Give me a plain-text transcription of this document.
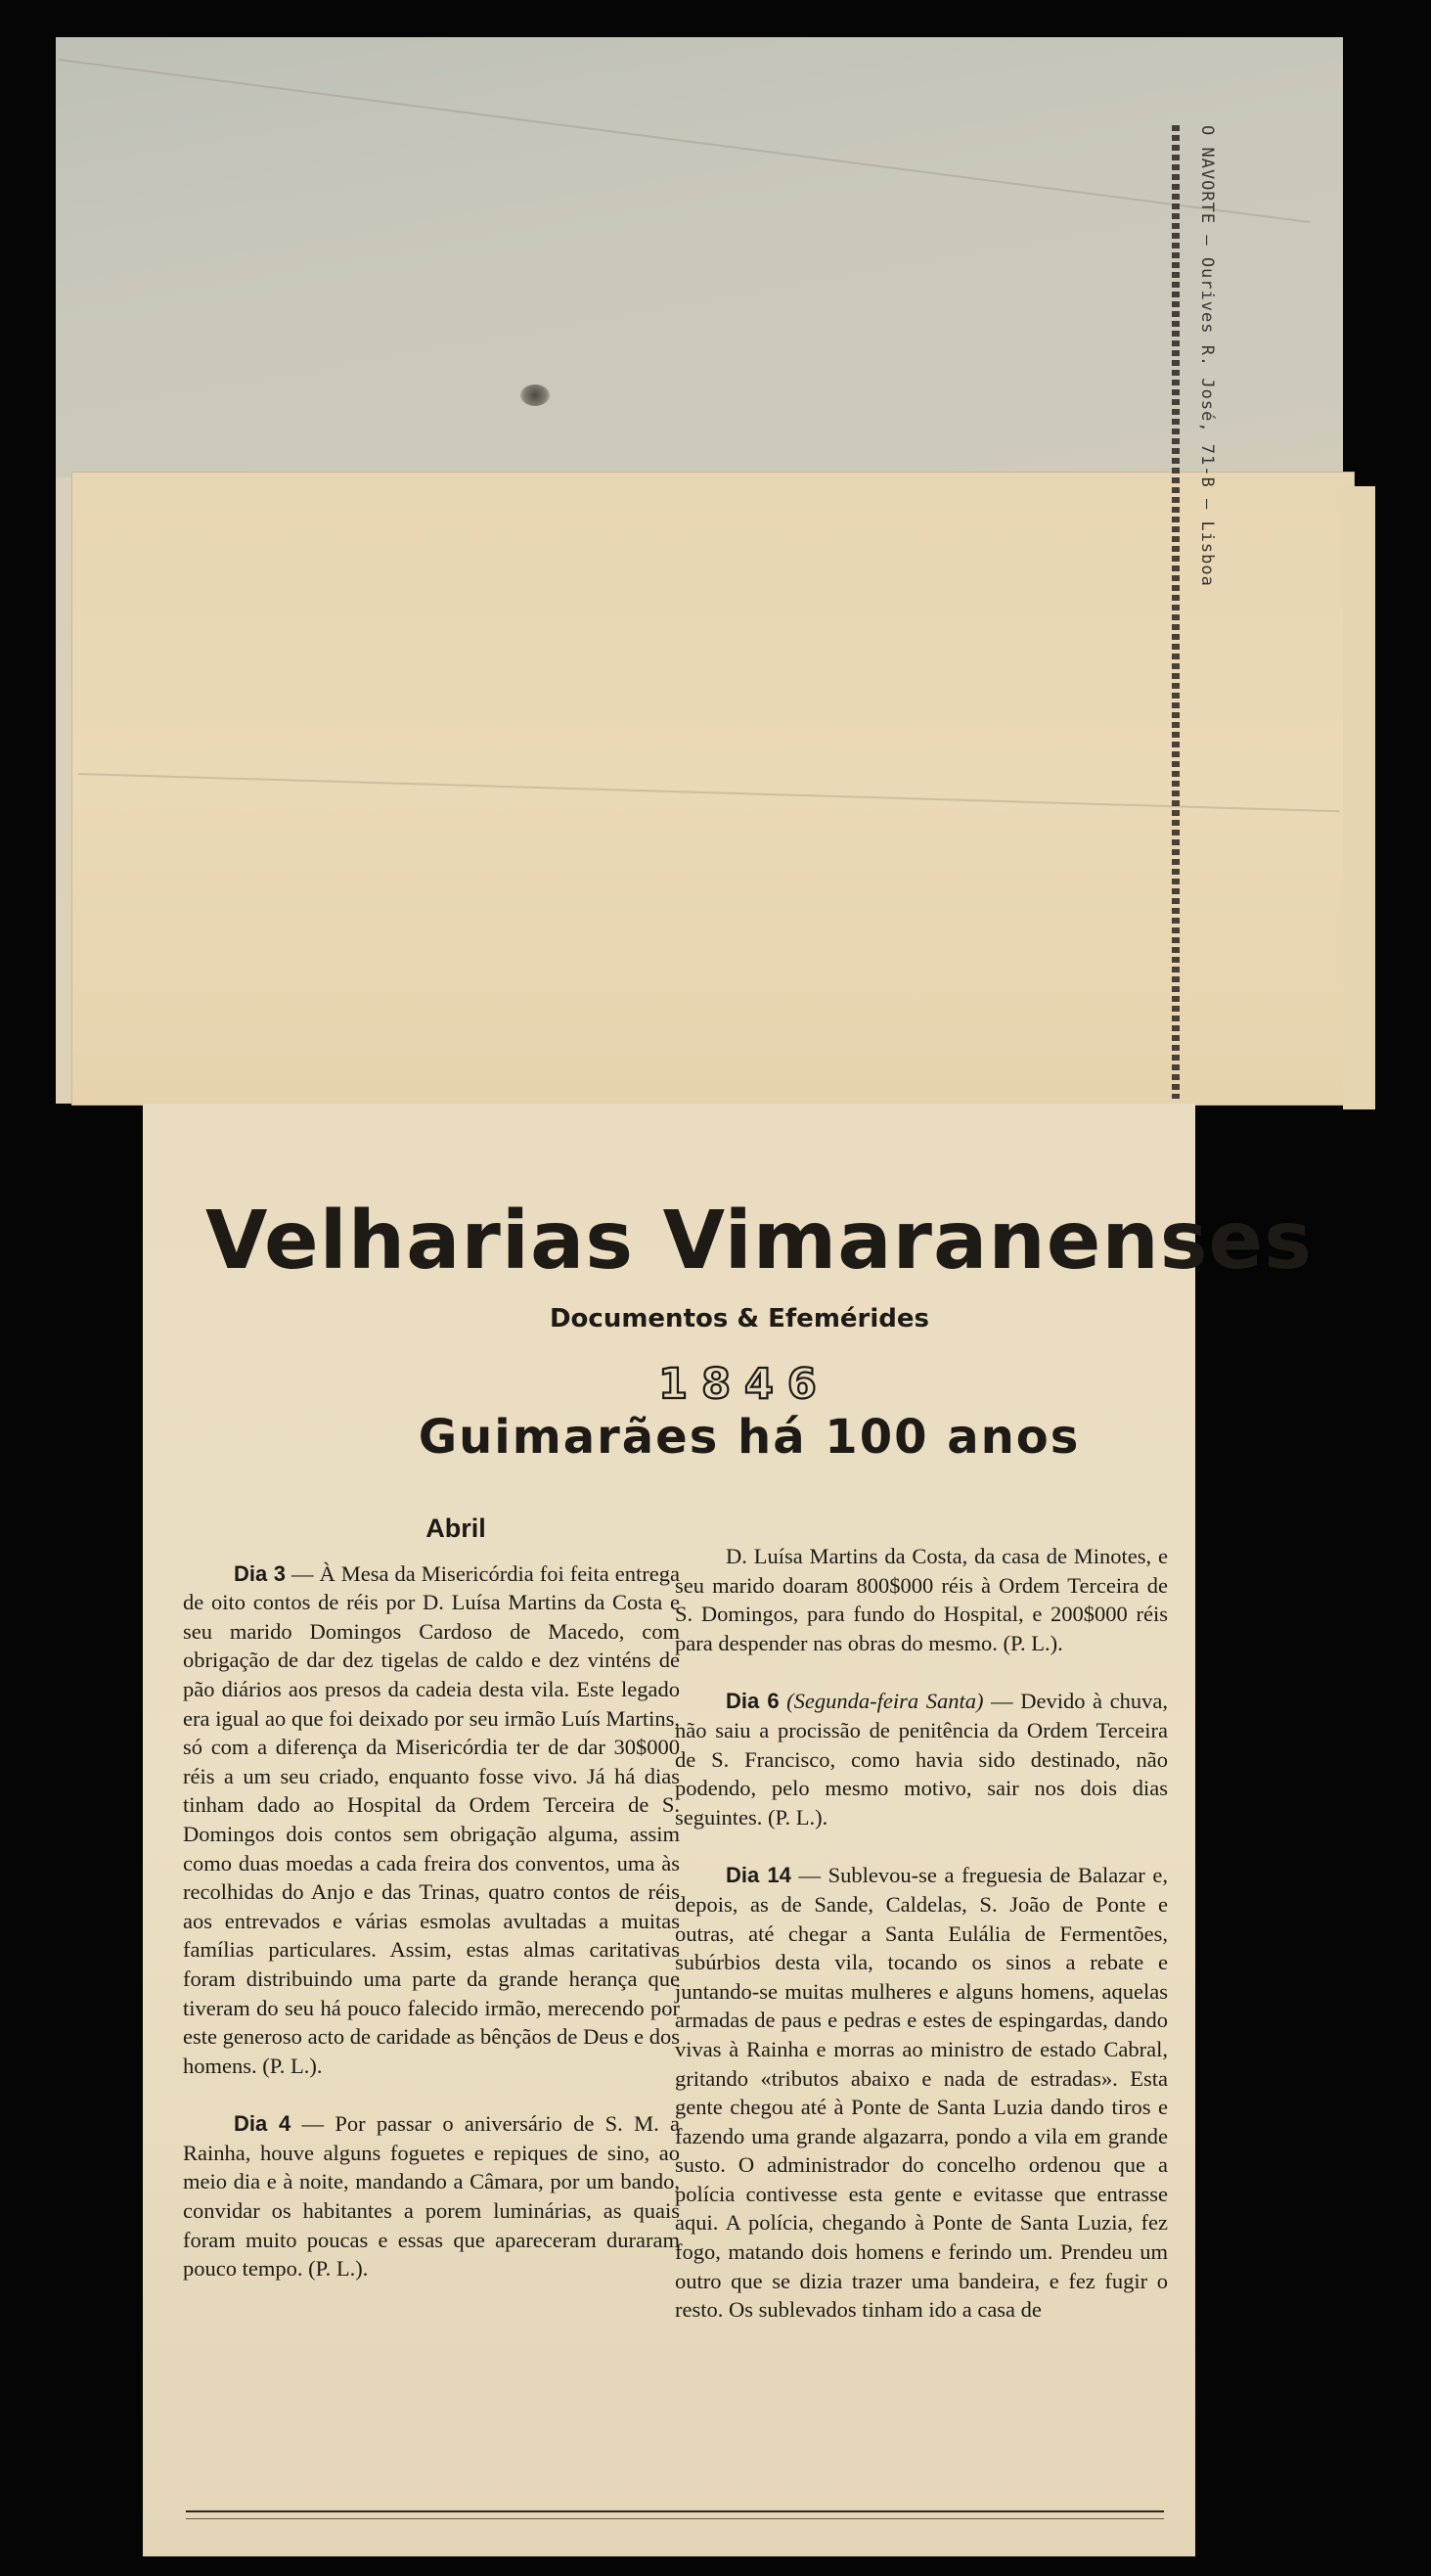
O NAVORTE — Ourives R. José, 71-B — Lisboa
Velharias Vimaranenses
Documentos & Efemérides
1846
Guimarães há 100 anos
Abril

Dia 3 — À Mesa da Misericórdia foi feita entrega de oito contos de réis por D. Luísa Martins da Costa e seu marido Domingos Cardoso de Macedo, com obrigação de dar dez tigelas de caldo e dez vinténs de pão diários aos presos da cadeia desta vila. Este legado era igual ao que foi deixado por seu irmão Luís Martins, só com a diferença da Misericórdia ter de dar 30$000 réis a um seu criado, enquanto fosse vivo. Já há dias tinham dado ao Hospital da Ordem Terceira de S. Domingos dois contos sem obrigação alguma, assim como duas moedas a cada freira dos conventos, uma às recolhidas do Anjo e das Trinas, quatro contos de réis aos entrevados e várias esmolas avultadas a muitas famílias particulares. Assim, estas almas caritativas foram distribuindo uma parte da grande herança que tiveram do seu há pouco falecido irmão, merecendo por este generoso acto de caridade as bênçãos de Deus e dos homens. (P. L.).

Dia 4 — Por passar o aniversário de S. M. a Rainha, houve alguns foguetes e repiques de sino, ao meio dia e à noite, mandando a Câmara, por um bando, convidar os habitantes a porem luminárias, as quais foram muito poucas e essas que apareceram duraram pouco tempo. (P. L.).

D. Luísa Martins da Costa, da casa de Minotes, e seu marido doaram 800$000 réis à Ordem Terceira de S. Domingos, para fundo do Hospital, e 200$000 réis para despender nas obras do mesmo. (P. L.).

Dia 6 (Segunda-feira Santa) — Devido à chuva, não saiu a procissão de penitência da Ordem Terceira de S. Francisco, como havia sido destinado, não podendo, pelo mesmo motivo, sair nos dois dias seguintes. (P. L.).

Dia 14 — Sublevou-se a freguesia de Balazar e, depois, as de Sande, Caldelas, S. João de Ponte e outras, até chegar a Santa Eulália de Fermentões, subúrbios desta vila, tocando os sinos a rebate e juntando-se muitas mulheres e alguns homens, aquelas armadas de paus e pedras e estes de espingardas, dando vivas à Rainha e morras ao ministro de estado Cabral, gritando «tributos abaixo e nada de estradas». Esta gente chegou até à Ponte de Santa Luzia dando tiros e fazendo uma grande algazarra, pondo a vila em grande susto. O administrador do concelho ordenou que a polícia contivesse esta gente e evitasse que entrasse aqui. A polícia, chegando à Ponte de Santa Luzia, fez fogo, matando dois homens e ferindo um. Prendeu um outro que se dizia trazer uma bandeira, e fez fugir o resto. Os sublevados tinham ido a casa de
